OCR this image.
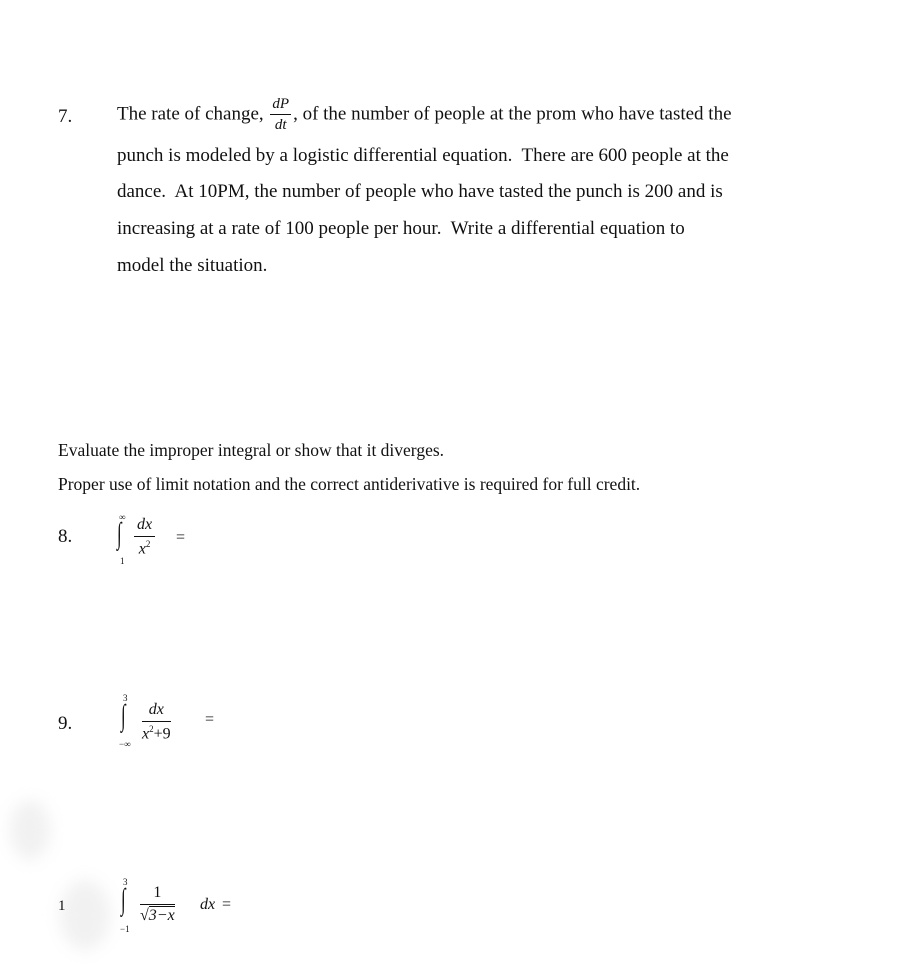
7. The rate of change, $\frac{dP}{dt}$ , of the number of people at the prom who have tasted the
punch is modeled by a logistic differential equation.  There are 600 people at the
dance.  At 10PM, the number of people who have tasted the punch is 200 and is
increasing at a rate of 100 people per hour.  Write a differential equation to
model the situation.
Evaluate the improper integral or show that it diverges.
Proper use of limit notation and the correct antiderivative is required for full credit.
8.
∞
∫
1
$\frac{dx}{x^2}$ =
9.
3
∫
−∞
$\frac{dx}{x^2+9}$ =
1
3
∫
−1
$\frac{1}{√3-x}$ dx =
